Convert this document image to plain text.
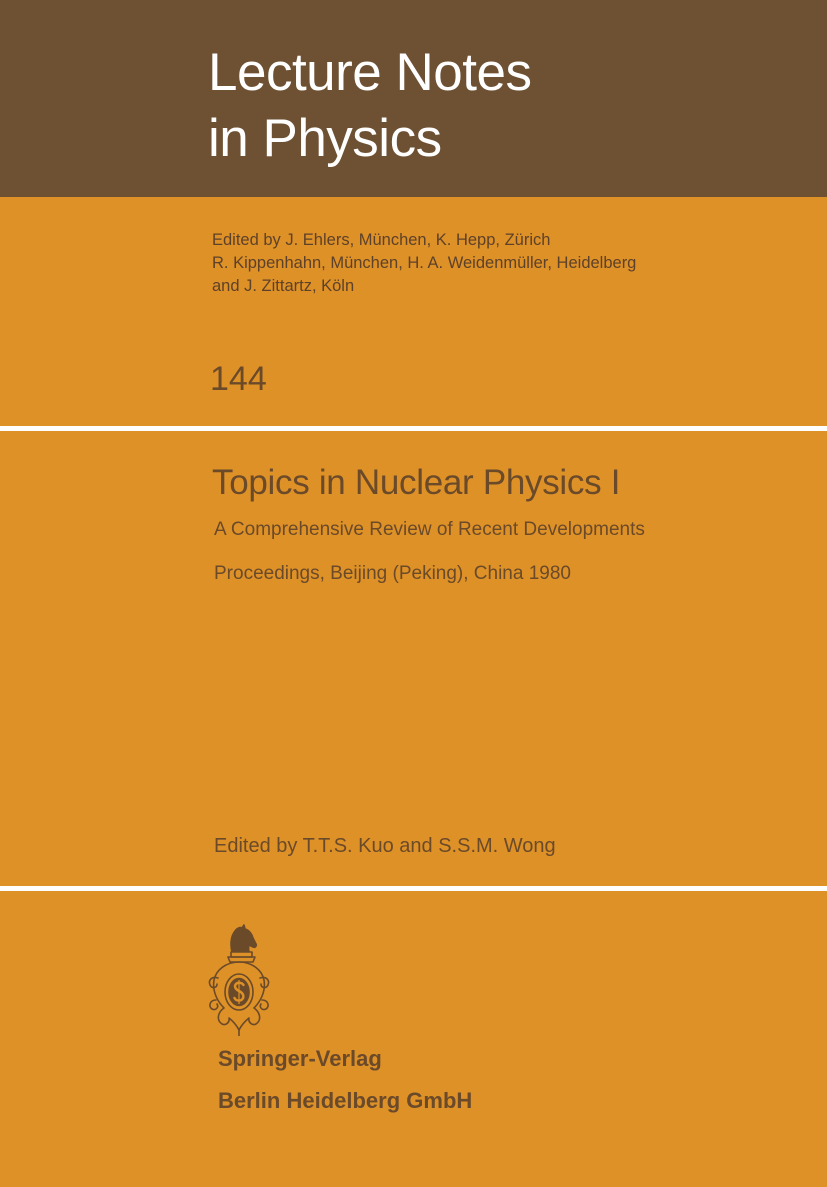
Lecture Notes
in Physics
Edited by J. Ehlers, München, K. Hepp, Zürich
R. Kippenhahn, München, H. A. Weidenmüller, Heidelberg
and J. Zittartz, Köln
144
Topics in Nuclear Physics I
A Comprehensive Review of Recent Developments
Proceedings, Beijing (Peking), China 1980
Edited by T.T.S. Kuo and S.S.M. Wong
Springer-Verlag
Berlin Heidelberg GmbH
